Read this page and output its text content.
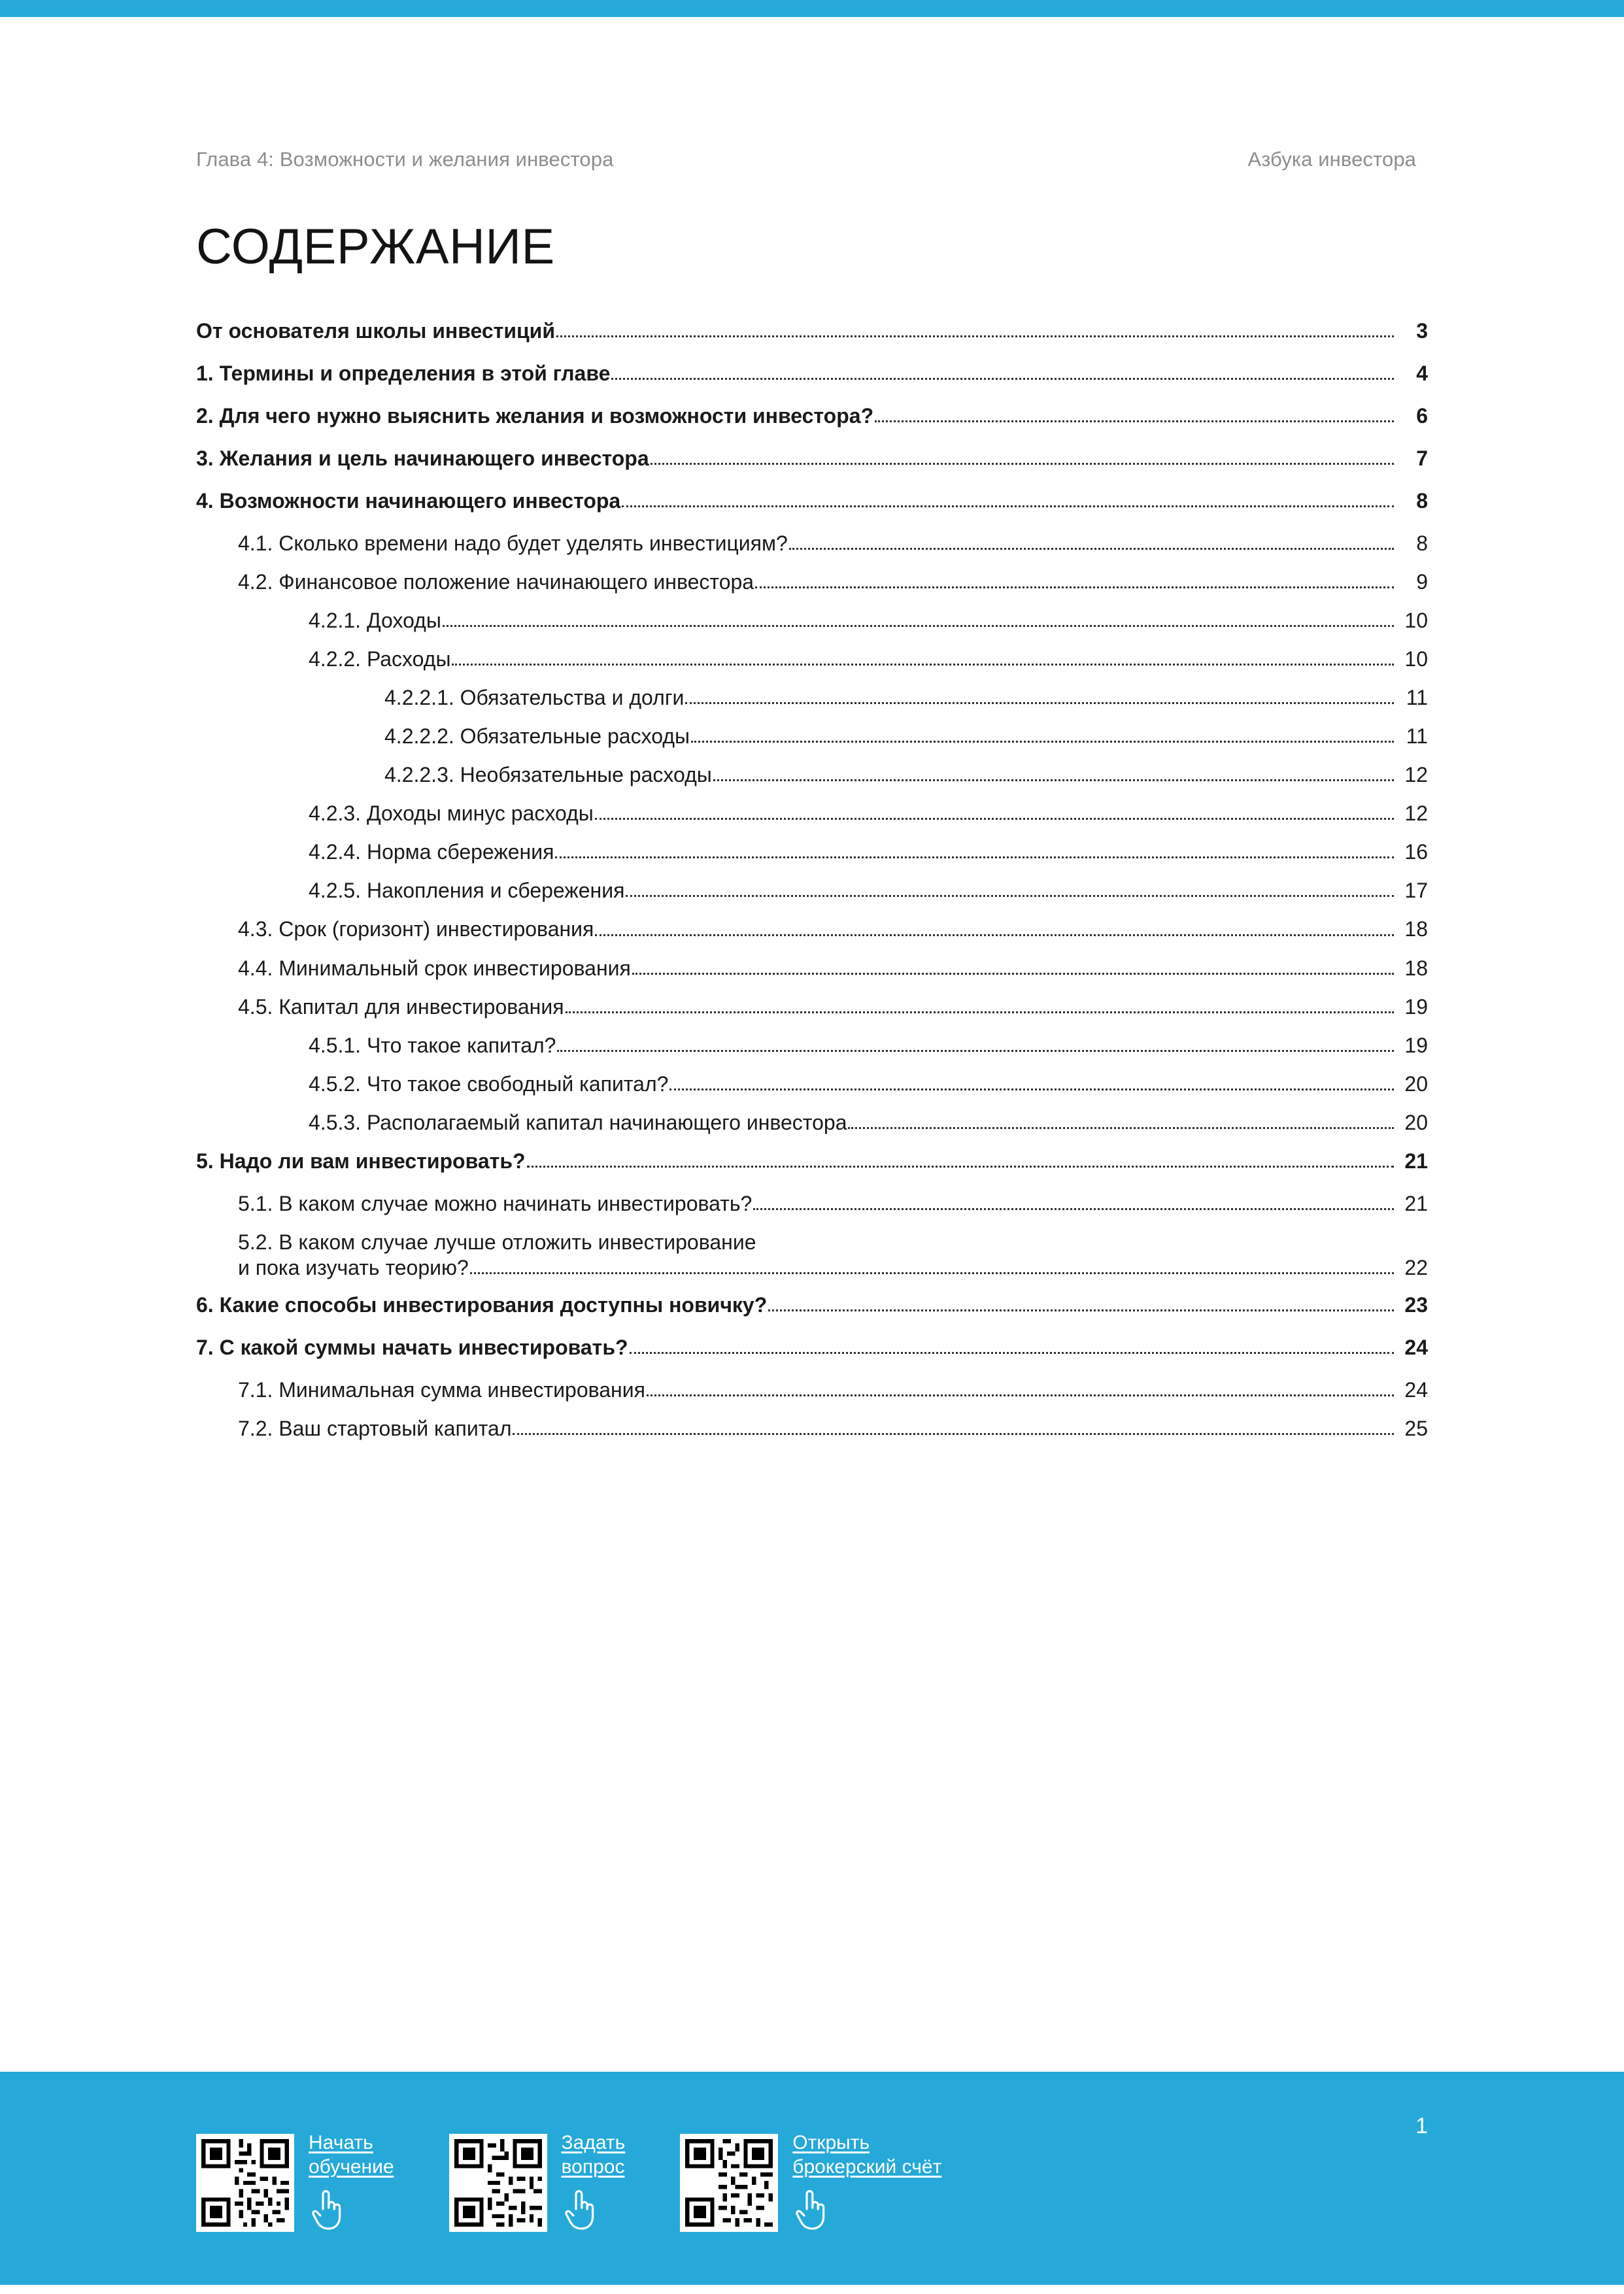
Глава 4: Возможности и желания инвестора	Азбука инвестора
СОДЕРЖАНИЕ
От основателя школы инвестиций	3
1. Термины и определения в этой главе	4
2. Для чего нужно выяснить желания и возможности инвестора?	6
3. Желания и цель начинающего инвестора	7
4. Возможности начинающего инвестора	8
4.1. Сколько времени надо будет уделять инвестициям?	8
4.2. Финансовое положение начинающего инвестора	9
4.2.1. Доходы	10
4.2.2. Расходы	10
4.2.2.1. Обязательства и долги	11
4.2.2.2. Обязательные расходы	11
4.2.2.3. Необязательные расходы	12
4.2.3. Доходы минус расходы	12
4.2.4. Норма сбережения	16
4.2.5. Накопления и сбережения	17
4.3. Срок (горизонт) инвестирования	18
4.4. Минимальный срок инвестирования	18
4.5. Капитал для инвестирования	19
4.5.1. Что такое капитал?	19
4.5.2. Что такое свободный капитал?	20
4.5.3. Располагаемый капитал начинающего инвестора	20
5. Надо ли вам инвестировать?	21
5.1. В каком случае можно начинать инвестировать?	21
5.2. В каком случае лучше отложить инвестирование
и пока изучать теорию?	22
6. Какие способы инвестирования доступны новичку?	23
7. С какой суммы начать инвестировать?	24
7.1. Минимальная сумма инвестирования	24
7.2. Ваш стартовый капитал	25
Начать
обучение
Задать
вопрос
Открыть
брокерский счёт
1
